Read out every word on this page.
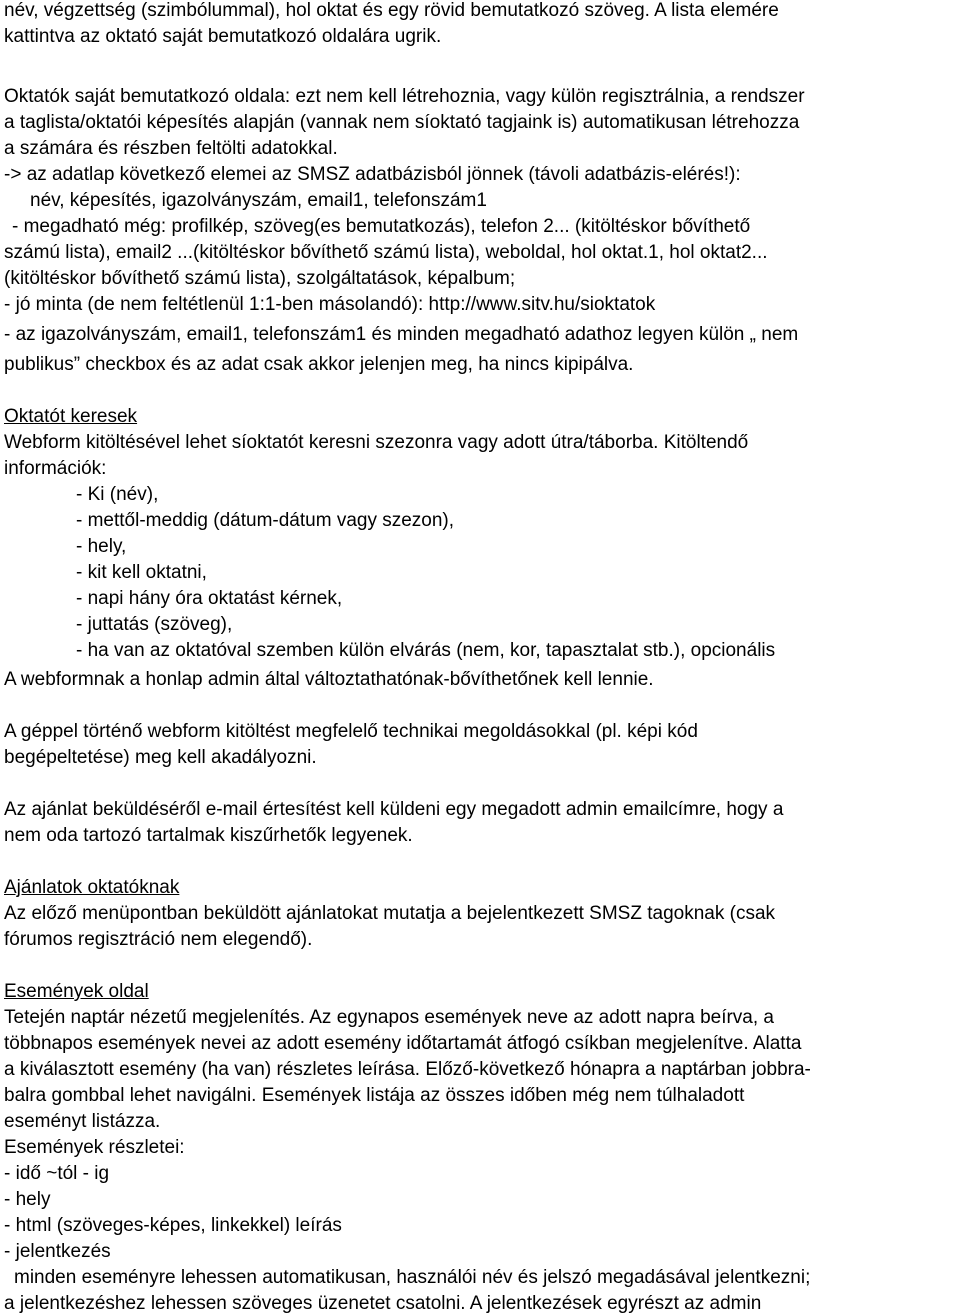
név, végzettség (szimbólummal), hol oktat és egy rövid bemutatkozó szöveg. A lista elemére
kattintva az oktató saját bemutatkozó oldalára ugrik.
Oktatók saját bemutatkozó oldala: ezt nem kell létrehoznia, vagy külön regisztrálnia, a rendszer
a taglista/oktatói képesítés alapján (vannak nem síoktató tagjaink is) automatikusan létrehozza
a számára és részben feltölti adatokkal.
-> az adatlap következő elemei az SMSZ adatbázisból jönnek (távoli adatbázis-elérés!):
név, képesítés, igazolványszám, email1, telefonszám1
- megadható még: profilkép, szöveg(es bemutatkozás), telefon 2... (kitöltéskor bővíthető
számú lista), email2 ...(kitöltéskor bővíthető számú lista), weboldal, hol oktat.1, hol oktat2...
(kitöltéskor bővíthető számú lista), szolgáltatások, képalbum;
- jó minta (de nem feltétlenül 1:1-ben másolandó): http://www.sitv.hu/sioktatok
- az igazolványszám, email1, telefonszám1 és minden megadható adathoz legyen külön „ nem
publikus” checkbox és az adat csak akkor jelenjen meg, ha nincs kipipálva.
Oktatót keresek
Webform kitöltésével lehet síoktatót keresni szezonra vagy adott útra/táborba. Kitöltendő
információk:
- Ki (név),
- mettől-meddig (dátum-dátum vagy szezon),
- hely,
- kit kell oktatni,
- napi hány óra oktatást kérnek,
- juttatás (szöveg),
- ha van az oktatóval szemben külön elvárás (nem, kor, tapasztalat stb.), opcionális
A webformnak a honlap admin által változtathatónak-bővíthetőnek kell lennie.
A géppel történő webform kitöltést megfelelő technikai megoldásokkal (pl. képi kód
begépeltetése) meg kell akadályozni.
Az ajánlat beküldéséről e-mail értesítést kell küldeni egy megadott admin emailcímre, hogy a
nem oda tartozó tartalmak kiszűrhetők legyenek.
Ajánlatok oktatóknak
Az előző menüpontban beküldött ajánlatokat mutatja a bejelentkezett SMSZ tagoknak (csak
fórumos regisztráció nem elegendő).
Események oldal
Tetején naptár nézetű megjelenítés. Az egynapos események neve az adott napra beírva, a
többnapos események nevei az adott esemény időtartamát átfogó csíkban megjelenítve. Alatta
a kiválasztott esemény (ha van) részletes leírása. Előző-következő hónapra a naptárban jobbra-
balra gombbal lehet navigálni. Események listája az összes időben még nem túlhaladott
eseményt listázza.
Események részletei:
- idő ~tól - ig
- hely
- html (szöveges-képes, linkekkel) leírás
- jelentkezés
minden eseményre lehessen automatikusan, használói név és jelszó megadásával jelentkezni;
a jelentkezéshez lehessen szöveges üzenetet csatolni. A jelentkezések egyrészt az admin
